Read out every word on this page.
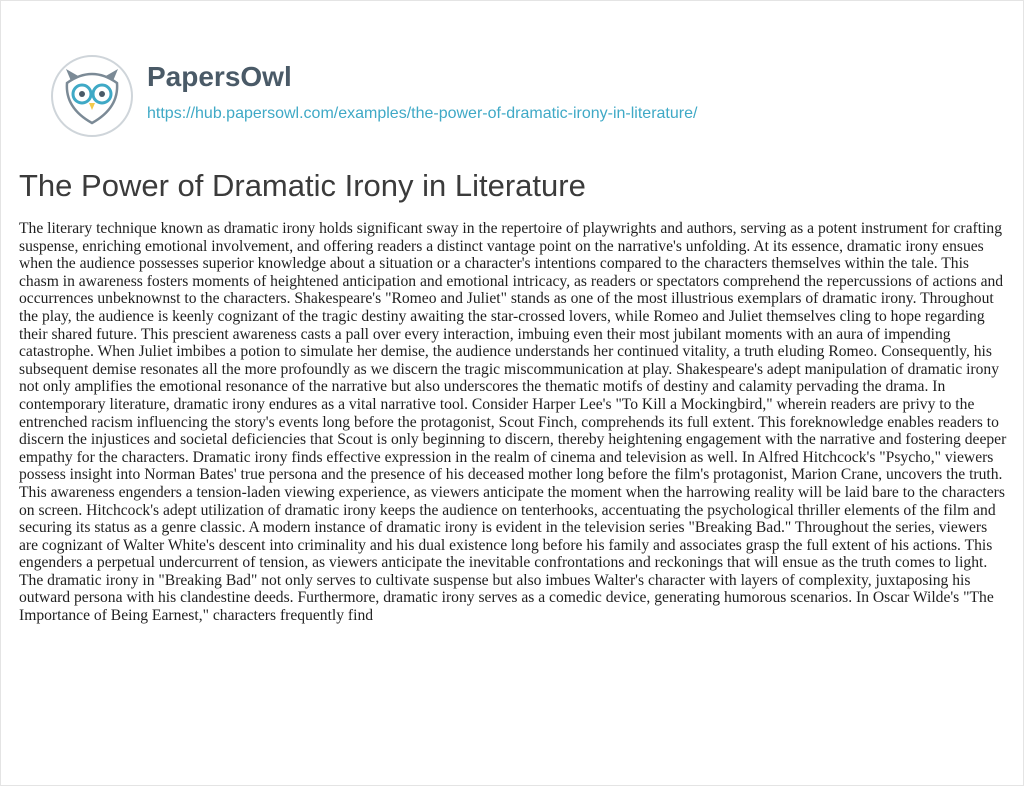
PapersOwl
https://hub.papersowl.com/examples/the-power-of-dramatic-irony-in-literature/
The Power of Dramatic Irony in Literature

The literary technique known as dramatic irony holds significant sway in the repertoire of playwrights and authors, serving as a potent instrument for crafting suspense, enriching emotional involvement, and offering readers a distinct vantage point on the narrative's unfolding. At its essence, dramatic irony ensues when the audience possesses superior knowledge about a situation or a character's intentions compared to the characters themselves within the tale. This chasm in awareness fosters moments of heightened anticipation and emotional intricacy, as readers or spectators comprehend the repercussions of actions and occurrences unbeknownst to the characters. Shakespeare's "Romeo and Juliet" stands as one of the most illustrious exemplars of dramatic irony. Throughout the play, the audience is keenly cognizant of the tragic destiny awaiting the star-crossed lovers, while Romeo and Juliet themselves cling to hope regarding their shared future. This prescient awareness casts a pall over every interaction, imbuing even their most jubilant moments with an aura of impending catastrophe. When Juliet imbibes a potion to simulate her demise, the audience understands her continued vitality, a truth eluding Romeo. Consequently, his subsequent demise resonates all the more profoundly as we discern the tragic miscommunication at play. Shakespeare's adept manipulation of dramatic irony not only amplifies the emotional resonance of the narrative but also underscores the thematic motifs of destiny and calamity pervading the drama. In contemporary literature, dramatic irony endures as a vital narrative tool. Consider Harper Lee's "To Kill a Mockingbird," wherein readers are privy to the entrenched racism influencing the story's events long before the protagonist, Scout Finch, comprehends its full extent. This foreknowledge enables readers to discern the injustices and societal deficiencies that Scout is only beginning to discern, thereby heightening engagement with the narrative and fostering deeper empathy for the characters. Dramatic irony finds effective expression in the realm of cinema and television as well. In Alfred Hitchcock's "Psycho," viewers possess insight into Norman Bates' true persona and the presence of his deceased mother long before the film's protagonist, Marion Crane, uncovers the truth. This awareness engenders a tension-laden viewing experience, as viewers anticipate the moment when the harrowing reality will be laid bare to the characters on screen. Hitchcock's adept utilization of dramatic irony keeps the audience on tenterhooks, accentuating the psychological thriller elements of the film and securing its status as a genre classic. A modern instance of dramatic irony is evident in the television series "Breaking Bad." Throughout the series, viewers are cognizant of Walter White's descent into criminality and his dual existence long before his family and associates grasp the full extent of his actions. This engenders a perpetual undercurrent of tension, as viewers anticipate the inevitable confrontations and reckonings that will ensue as the truth comes to light. The dramatic irony in "Breaking Bad" not only serves to cultivate suspense but also imbues Walter's character with layers of complexity, juxtaposing his outward persona with his clandestine deeds. Furthermore, dramatic irony serves as a comedic device, generating humorous scenarios. In Oscar Wilde's "The Importance of Being Earnest," characters frequently find
